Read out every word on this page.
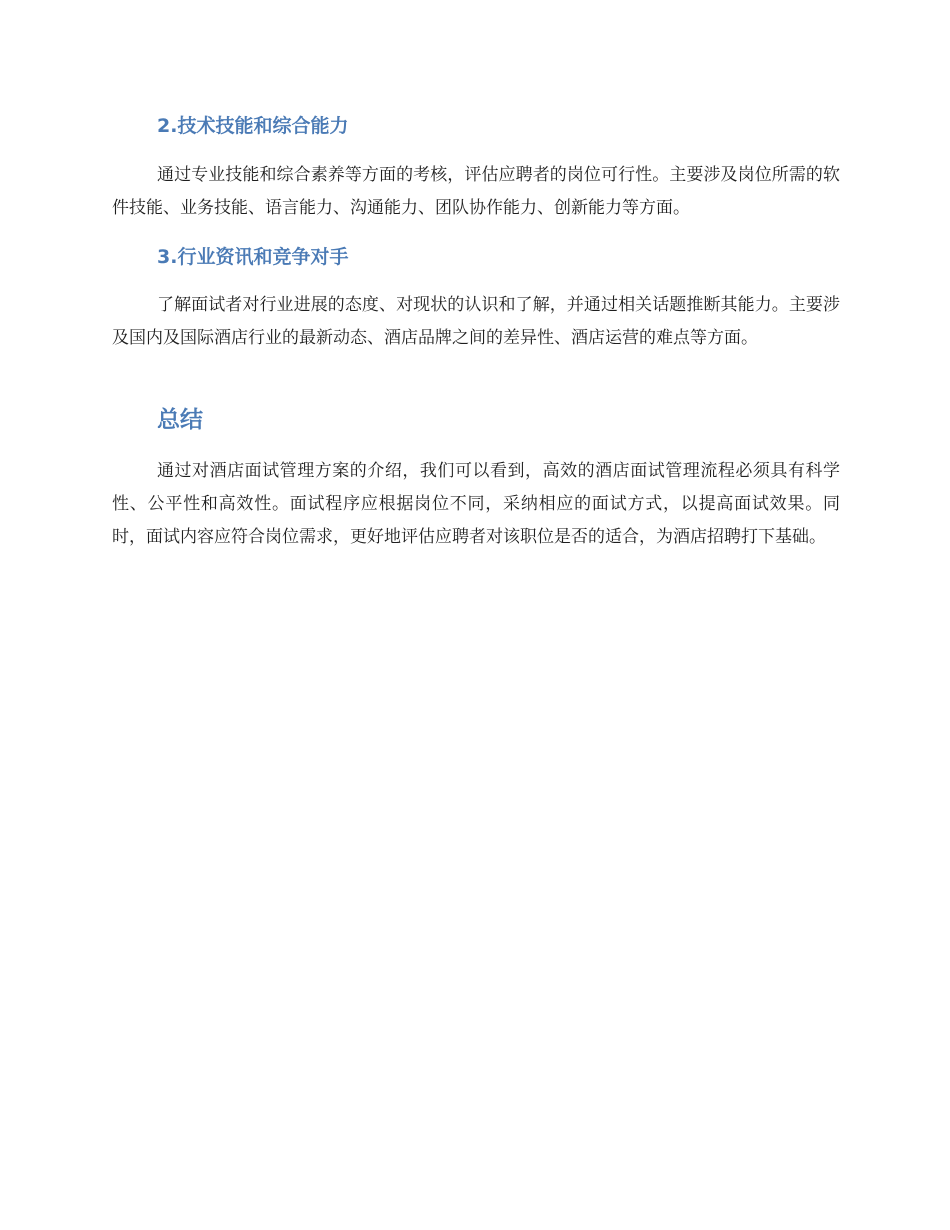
2.技术技能和综合能力

通过专业技能和综合素养等方面的考核，评估应聘者的岗位可行性。主要涉及岗位所需的软件技能、业务技能、语言能力、沟通能力、团队协作能力、创新能力等方面。

3.行业资讯和竞争对手

了解面试者对行业进展的态度、对现状的认识和了解，并通过相关话题推断其能力。主要涉及国内及国际酒店行业的最新动态、酒店品牌之间的差异性、酒店运营的难点等方面。

总结

通过对酒店面试管理方案的介绍，我们可以看到，高效的酒店面试管理流程必须具有科学性、公平性和高效性。面试程序应根据岗位不同，采纳相应的面试方式，以提高面试效果。同时，面试内容应符合岗位需求，更好地评估应聘者对该职位是否的适合，为酒店招聘打下基础。
